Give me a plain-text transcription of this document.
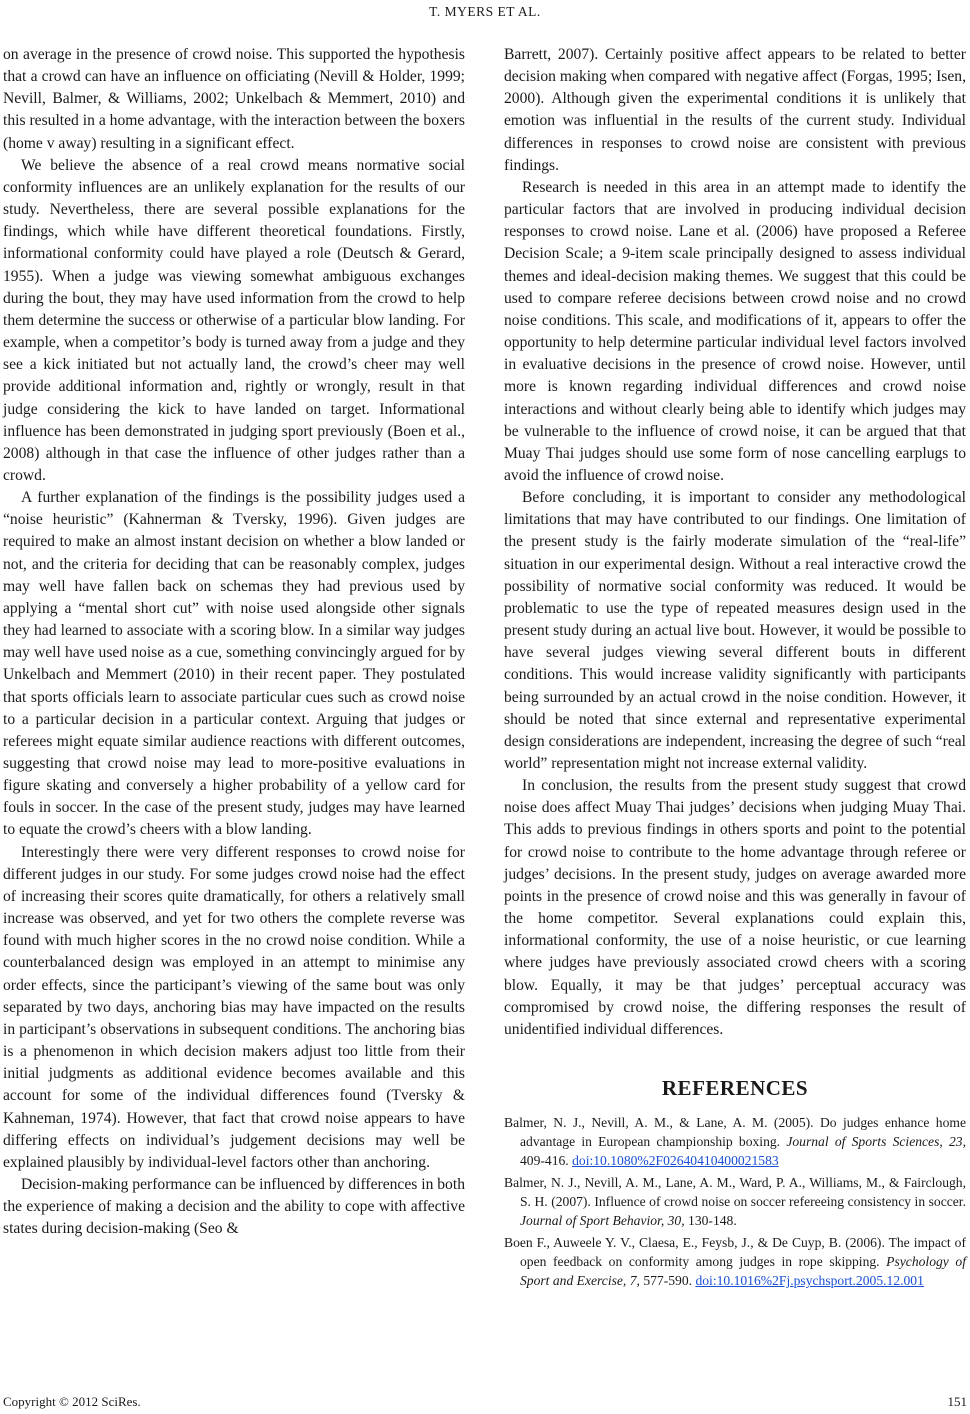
T. MYERS ET AL.

on average in the presence of crowd noise. This supported the hypothesis that a crowd can have an influence on officiating (Nevill & Holder, 1999; Nevill, Balmer, & Williams, 2002; Unkelbach & Memmert, 2010) and this resulted in a home advantage, with the interaction between the boxers (home v away) resulting in a significant effect.

We believe the absence of a real crowd means normative social conformity influences are an unlikely explanation for the results of our study. Nevertheless, there are several possible explanations for the findings, which while have different theoretical foundations. Firstly, informational conformity could have played a role (Deutsch & Gerard, 1955). When a judge was viewing somewhat ambiguous exchanges during the bout, they may have used information from the crowd to help them determine the success or otherwise of a particular blow landing. For example, when a competitor’s body is turned away from a judge and they see a kick initiated but not actually land, the crowd’s cheer may well provide additional information and, rightly or wrongly, result in that judge considering the kick to have landed on target. Informational influence has been demonstrated in judging sport previously (Boen et al., 2008) although in that case the influence of other judges rather than a crowd.

A further explanation of the findings is the possibility judges used a “noise heuristic” (Kahnerman & Tversky, 1996). Given judges are required to make an almost instant decision on whether a blow landed or not, and the criteria for deciding that can be reasonably complex, judges may well have fallen back on schemas they had previous used by applying a “mental short cut” with noise used alongside other signals they had learned to associate with a scoring blow. In a similar way judges may well have used noise as a cue, something convincingly argued for by Unkelbach and Memmert (2010) in their recent paper. They postulated that sports officials learn to associate particular cues such as crowd noise to a particular decision in a particular context. Arguing that judges or referees might equate similar audience reactions with different outcomes, suggesting that crowd noise may lead to more-positive evaluations in figure skating and conversely a higher probability of a yellow card for fouls in soccer. In the case of the present study, judges may have learned to equate the crowd’s cheers with a blow landing.

Interestingly there were very different responses to crowd noise for different judges in our study. For some judges crowd noise had the effect of increasing their scores quite dramatically, for others a relatively small increase was observed, and yet for two others the complete reverse was found with much higher scores in the no crowd noise condition. While a counterbalanced design was employed in an attempt to minimise any order effects, since the participant’s viewing of the same bout was only separated by two days, anchoring bias may have impacted on the results in participant’s observations in subsequent conditions. The anchoring bias is a phenomenon in which decision makers adjust too little from their initial judgments as additional evidence becomes available and this account for some of the individual differences found (Tversky & Kahneman, 1974). However, that fact that crowd noise appears to have differing effects on individual’s judgement decisions may well be explained plausibly by individual-level factors other than anchoring.

Decision-making performance can be influenced by differences in both the experience of making a decision and the ability to cope with affective states during decision-making (Seo &

Barrett, 2007). Certainly positive affect appears to be related to better decision making when compared with negative affect (Forgas, 1995; Isen, 2000). Although given the experimental conditions it is unlikely that emotion was influential in the results of the current study. Individual differences in responses to crowd noise are consistent with previous findings.

Research is needed in this area in an attempt made to identify the particular factors that are involved in producing individual decision responses to crowd noise. Lane et al. (2006) have proposed a Referee Decision Scale; a 9-item scale principally designed to assess individual themes and ideal-decision making themes. We suggest that this could be used to compare referee decisions between crowd noise and no crowd noise conditions. This scale, and modifications of it, appears to offer the opportunity to help determine particular individual level factors involved in evaluative decisions in the presence of crowd noise. However, until more is known regarding individual differences and crowd noise interactions and without clearly being able to identify which judges may be vulnerable to the influence of crowd noise, it can be argued that that Muay Thai judges should use some form of nose cancelling earplugs to avoid the influence of crowd noise.

Before concluding, it is important to consider any methodological limitations that may have contributed to our findings. One limitation of the present study is the fairly moderate simulation of the “real-life” situation in our experimental design. Without a real interactive crowd the possibility of normative social conformity was reduced. It would be problematic to use the type of repeated measures design used in the present study during an actual live bout. However, it would be possible to have several judges viewing several different bouts in different conditions. This would increase validity significantly with participants being surrounded by an actual crowd in the noise condition. However, it should be noted that since external and representative experimental design considerations are independent, increasing the degree of such “real world” representation might not increase external validity.

In conclusion, the results from the present study suggest that crowd noise does affect Muay Thai judges’ decisions when judging Muay Thai. This adds to previous findings in others sports and point to the potential for crowd noise to contribute to the home advantage through referee or judges’ decisions. In the present study, judges on average awarded more points in the presence of crowd noise and this was generally in favour of the home competitor. Several explanations could explain this, informational conformity, the use of a noise heuristic, or cue learning where judges have previously associated crowd cheers with a scoring blow. Equally, it may be that judges’ perceptual accuracy was compromised by crowd noise, the differing responses the result of unidentified individual differences.

REFERENCES
Balmer, N. J., Nevill, A. M., & Lane, A. M. (2005). Do judges enhance home advantage in European championship boxing. Journal of Sports Sciences, 23, 409-416. doi:10.1080%2F02640410400021583
Balmer, N. J., Nevill, A. M., Lane, A. M., Ward, P. A., Williams, M., & Fairclough, S. H. (2007). Influence of crowd noise on soccer refereeing consistency in soccer. Journal of Sport Behavior, 30, 130-148.
Boen F., Auweele Y. V., Claesa, E., Feysb, J., & De Cuyp, B. (2006). The impact of open feedback on conformity among judges in rope skipping. Psychology of Sport and Exercise, 7, 577-590. doi:10.1016%2Fj.psychsport.2005.12.001
Copyright © 2012 SciRes.	151
